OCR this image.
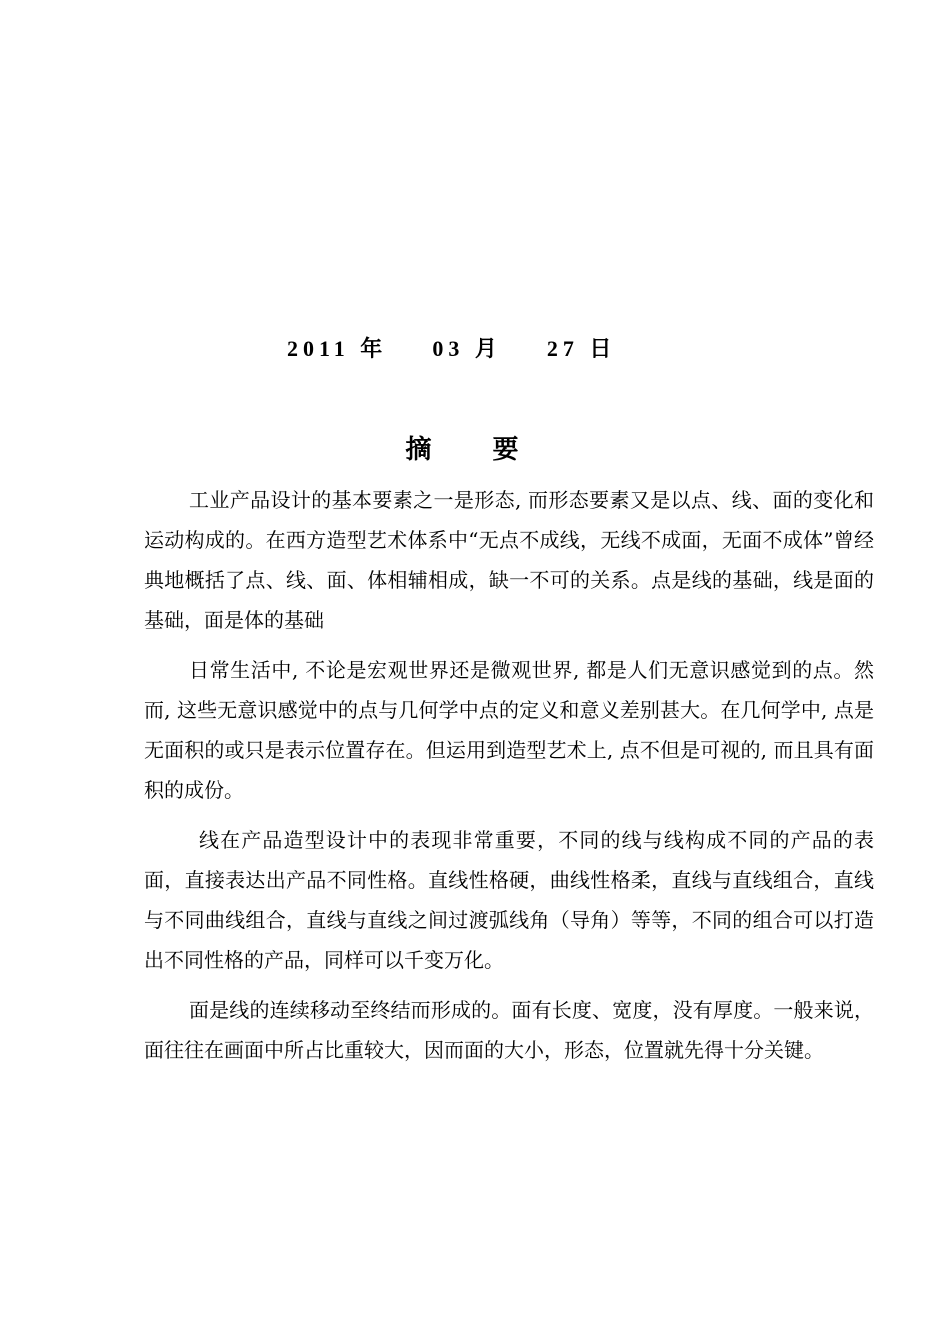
2011 年 03 月 27 日
摘 要

工业产品设计的基本要素之一是形态, 而形态要素又是以点、线、面的变化和运动构成的。在西方造型艺术体系中“无点不成线，无线不成面，无面不成体”曾经典地概括了点、线、面、体相辅相成，缺一不可的关系。点是线的基础，线是面的基础，面是体的基础

日常生活中, 不论是宏观世界还是微观世界, 都是人们无意识感觉到的点。然而, 这些无意识感觉中的点与几何学中点的定义和意义差别甚大。在几何学中, 点是无面积的或只是表示位置存在。但运用到造型艺术上, 点不但是可视的, 而且具有面积的成份。

线在产品造型设计中的表现非常重要，不同的线与线构成不同的产品的表面，直接表达出产品不同性格。直线性格硬，曲线性格柔，直线与直线组合，直线与不同曲线组合，直线与直线之间过渡弧线角（导角）等等，不同的组合可以打造出不同性格的产品，同样可以千变万化。

面是线的连续移动至终结而形成的。面有长度、宽度，没有厚度。一般来说，面往往在画面中所占比重较大，因而面的大小，形态，位置就先得十分关键。
